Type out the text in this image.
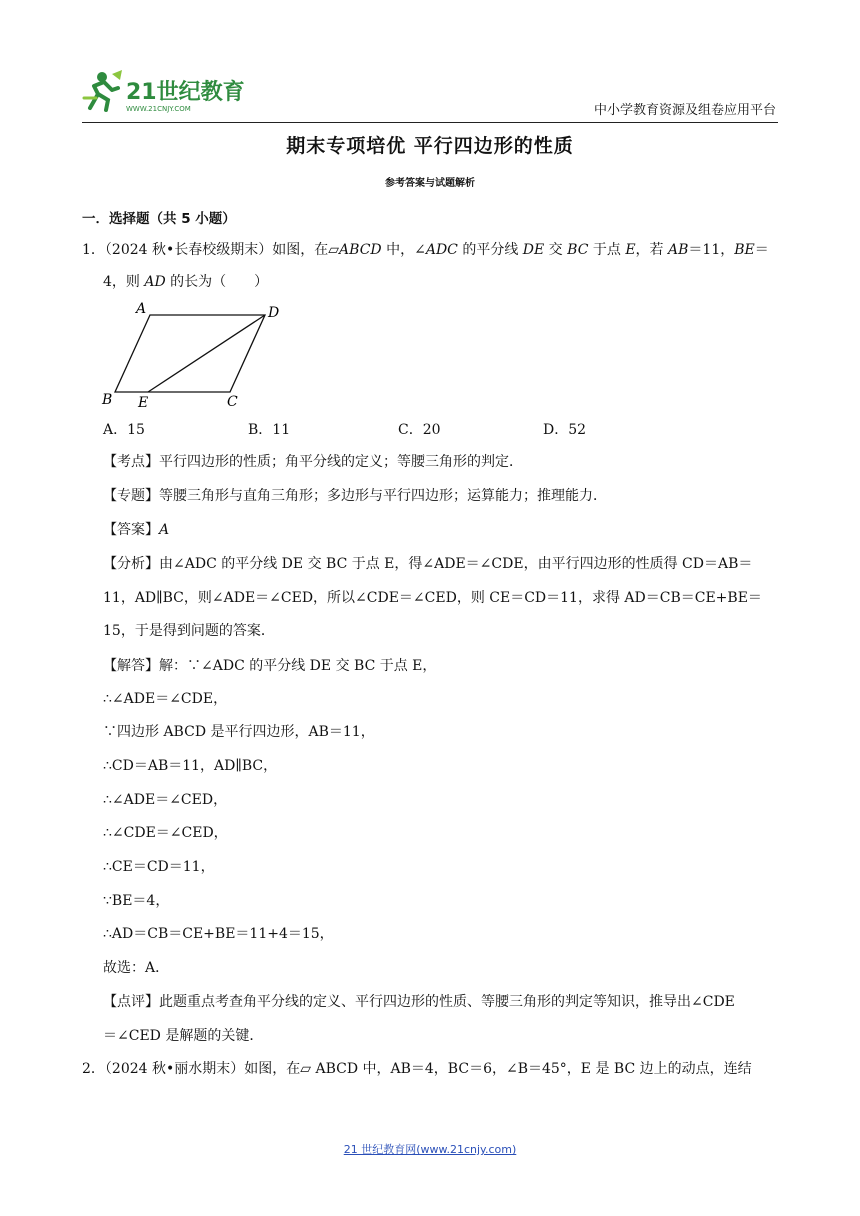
21世纪教育
WWW.21CNJY.COM	中小学教育资源及组卷应用平台
期末专项培优 平行四边形的性质
参考答案与试题解析
一．选择题（共 5 小题）
1．（2024 秋•长春校级期末）如图，在▱ABCD 中，∠ADC 的平分线 DE 交 BC 于点 E，若 AB＝11，BE＝
4，则 AD 的长为（　　）
A	D
B E	C
A．15	B．11	C．20	D．52
【考点】平行四边形的性质；角平分线的定义；等腰三角形的判定．
【专题】等腰三角形与直角三角形；多边形与平行四边形；运算能力；推理能力．
【答案】A
【分析】由∠ADC 的平分线 DE 交 BC 于点 E，得∠ADE＝∠CDE，由平行四边形的性质得 CD＝AB＝
11，AD∥BC，则∠ADE＝∠CED，所以∠CDE＝∠CED，则 CE＝CD＝11，求得 AD＝CB＝CE+BE＝
15，于是得到问题的答案．
【解答】解：∵∠ADC 的平分线 DE 交 BC 于点 E，
∴∠ADE＝∠CDE，
∵四边形 ABCD 是平行四边形，AB＝11，
∴CD＝AB＝11，AD∥BC，
∴∠ADE＝∠CED，
∴∠CDE＝∠CED，
∴CE＝CD＝11，
∵BE＝4，
∴AD＝CB＝CE+BE＝11+4＝15，
故选：A．
【点评】此题重点考查角平分线的定义、平行四边形的性质、等腰三角形的判定等知识，推导出∠CDE
＝∠CED 是解题的关键．
2．（2024 秋•丽水期末）如图，在▱ ABCD 中，AB＝4，BC＝6，∠B＝45°，E 是 BC 边上的动点，连结
21 世纪教育网(www.21cnjy.com)
